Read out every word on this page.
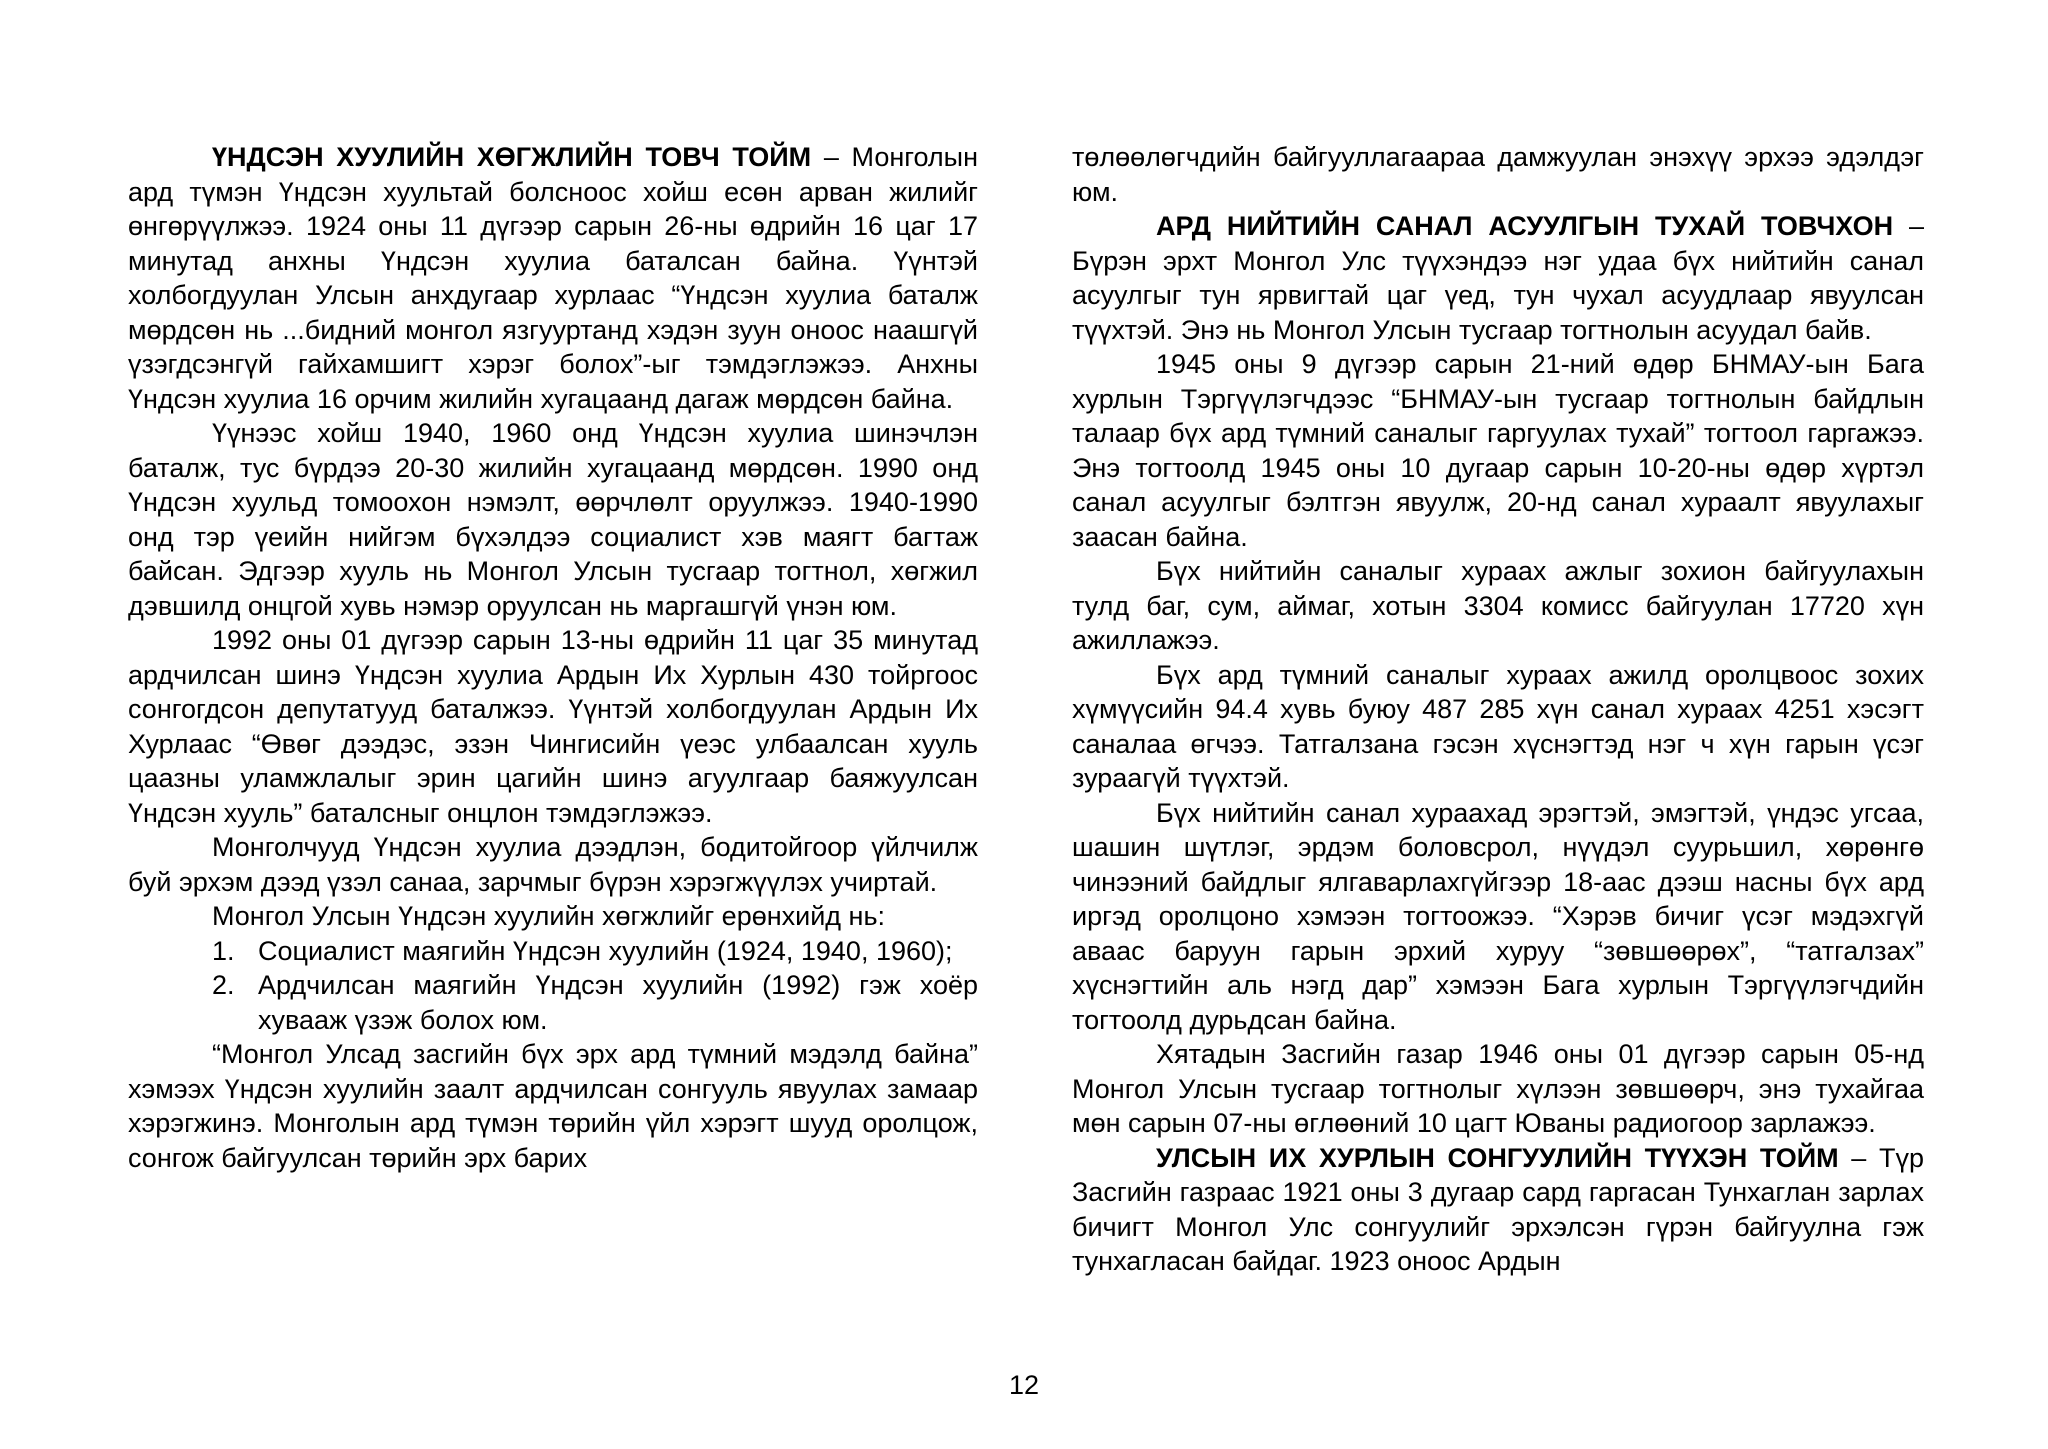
ҮНДСЭН ХУУЛИЙН ХӨГЖЛИЙН ТОВЧ ТОЙМ – Монголын ард түмэн Үндсэн хуультай болсноос хойш есөн арван жилийг өнгөрүүлжээ. 1924 оны 11 дүгээр сарын 26-ны өдрийн 16 цаг 17 минутад анхны Үндсэн хуулиа баталсан байна. Үүнтэй холбогдуулан Улсын анхдугаар хурлаас “Үндсэн хуулиа баталж мөрдсөн нь ...бидний монгол язгууртанд хэдэн зуун оноос наашгүй үзэгдсэнгүй гайхамшигт хэрэг болох”-ыг тэмдэглэжээ. Анхны Үндсэн хуулиа 16 орчим жилийн хугацаанд дагаж мөрдсөн байна.

Үүнээс хойш 1940, 1960 онд Үндсэн хуулиа шинэчлэн баталж, тус бүрдээ 20-30 жилийн хугацаанд мөрдсөн. 1990 онд Үндсэн хуульд томоохон нэмэлт, өөрчлөлт оруулжээ. 1940-1990 онд тэр үеийн нийгэм бүхэлдээ социалист хэв маягт багтаж байсан. Эдгээр хууль нь Монгол Улсын тусгаар тогтнол, хөгжил дэвшилд онцгой хувь нэмэр оруулсан нь маргашгүй үнэн юм.

1992 оны 01 дүгээр сарын 13-ны өдрийн 11 цаг 35 минутад ардчилсан шинэ Үндсэн хуулиа Ардын Их Хурлын 430 тойргоос сонгогдсон депутатууд баталжээ. Үүнтэй холбогдуулан Ардын Их Хурлаас “Өвөг дээдэс, эзэн Чингисийн үеэс улбаалсан хууль цаазны уламжлалыг эрин цагийн шинэ агуулгаар баяжуулсан Үндсэн хууль” баталсныг онцлон тэмдэглэжээ.

Монголчууд Үндсэн хуулиа дээдлэн, бодитойгоор үйлчилж буй эрхэм дээд үзэл санаа, зарчмыг бүрэн хэрэгжүүлэх учиртай.

Монгол Улсын Үндсэн хуулийн хөгжлийг ерөнхийд нь:

1. Социалист маягийн Үндсэн хуулийн (1924, 1940, 1960);
2. Ардчилсан маягийн Үндсэн хуулийн (1992) гэж хоёр хувааж үзэж болох юм.

“Монгол Улсад засгийн бүх эрх ард түмний мэдэлд байна” хэмээх Үндсэн хуулийн заалт ардчилсан сонгууль явуулах замаар хэрэгжинэ. Монголын ард түмэн төрийн үйл хэрэгт шууд оролцож, сонгож байгуулсан төрийн эрх барих

төлөөлөгчдийн байгууллагаараа дамжуулан энэхүү эрхээ эдэлдэг юм.

АРД НИЙТИЙН САНАЛ АСУУЛГЫН ТУХАЙ ТОВЧХОН – Бүрэн эрхт Монгол Улс түүхэндээ нэг удаа бүх нийтийн санал асуулгыг тун ярвигтай цаг үед, тун чухал асуудлаар явуулсан түүхтэй. Энэ нь Монгол Улсын тусгаар тогтнолын асуудал байв.

1945 оны 9 дүгээр сарын 21-ний өдөр БНМАУ-ын Бага хурлын Тэргүүлэгчдээс “БНМАУ-ын тусгаар тогтнолын байдлын талаар бүх ард түмний саналыг гаргуулах тухай” тогтоол гаргажээ. Энэ тогтоолд 1945 оны 10 дугаар сарын 10-20-ны өдөр хүртэл санал асуулгыг бэлтгэн явуулж, 20-нд санал хураалт явуулахыг заасан байна.

Бүх нийтийн саналыг хураах ажлыг зохион байгуулахын тулд баг, сум, аймаг, хотын 3304 комисс байгуулан 17720 хүн ажиллажээ.

Бүх ард түмний саналыг хураах ажилд оролцвоос зохих хүмүүсийн 94.4 хувь буюу 487 285 хүн санал хураах 4251 хэсэгт саналаа өгчээ. Татгалзана гэсэн хүснэгтэд нэг ч хүн гарын үсэг зураагүй түүхтэй.

Бүх нийтийн санал хураахад эрэгтэй, эмэгтэй, үндэс угсаа, шашин шүтлэг, эрдэм боловсрол, нүүдэл суурьшил, хөрөнгө чинээний байдлыг ялгаварлахгүйгээр 18-аас дээш насны бүх ард иргэд оролцоно хэмээн тогтоожээ. “Хэрэв бичиг үсэг мэдэхгүй аваас баруун гарын эрхий хуруу “зөвшөөрөх”, “татгалзах” хүснэгтийн аль нэгд дар” хэмээн Бага хурлын Тэргүүлэгчдийн тогтоолд дурьдсан байна.

Хятадын Засгийн газар 1946 оны 01 дүгээр сарын 05-нд Монгол Улсын тусгаар тогтнолыг хүлээн зөвшөөрч, энэ тухайгаа мөн сарын 07-ны өглөөний 10 цагт Юваны радиогоор зарлажээ.

УЛСЫН ИХ ХУРЛЫН СОНГУУЛИЙН ТҮҮХЭН ТОЙМ – Түр Засгийн газраас 1921 оны 3 дугаар сард гаргасан Тунхаглан зарлах бичигт Монгол Улс сонгуулийг эрхэлсэн гүрэн байгуулна гэж тунхагласан байдаг. 1923 оноос Ардын

12
